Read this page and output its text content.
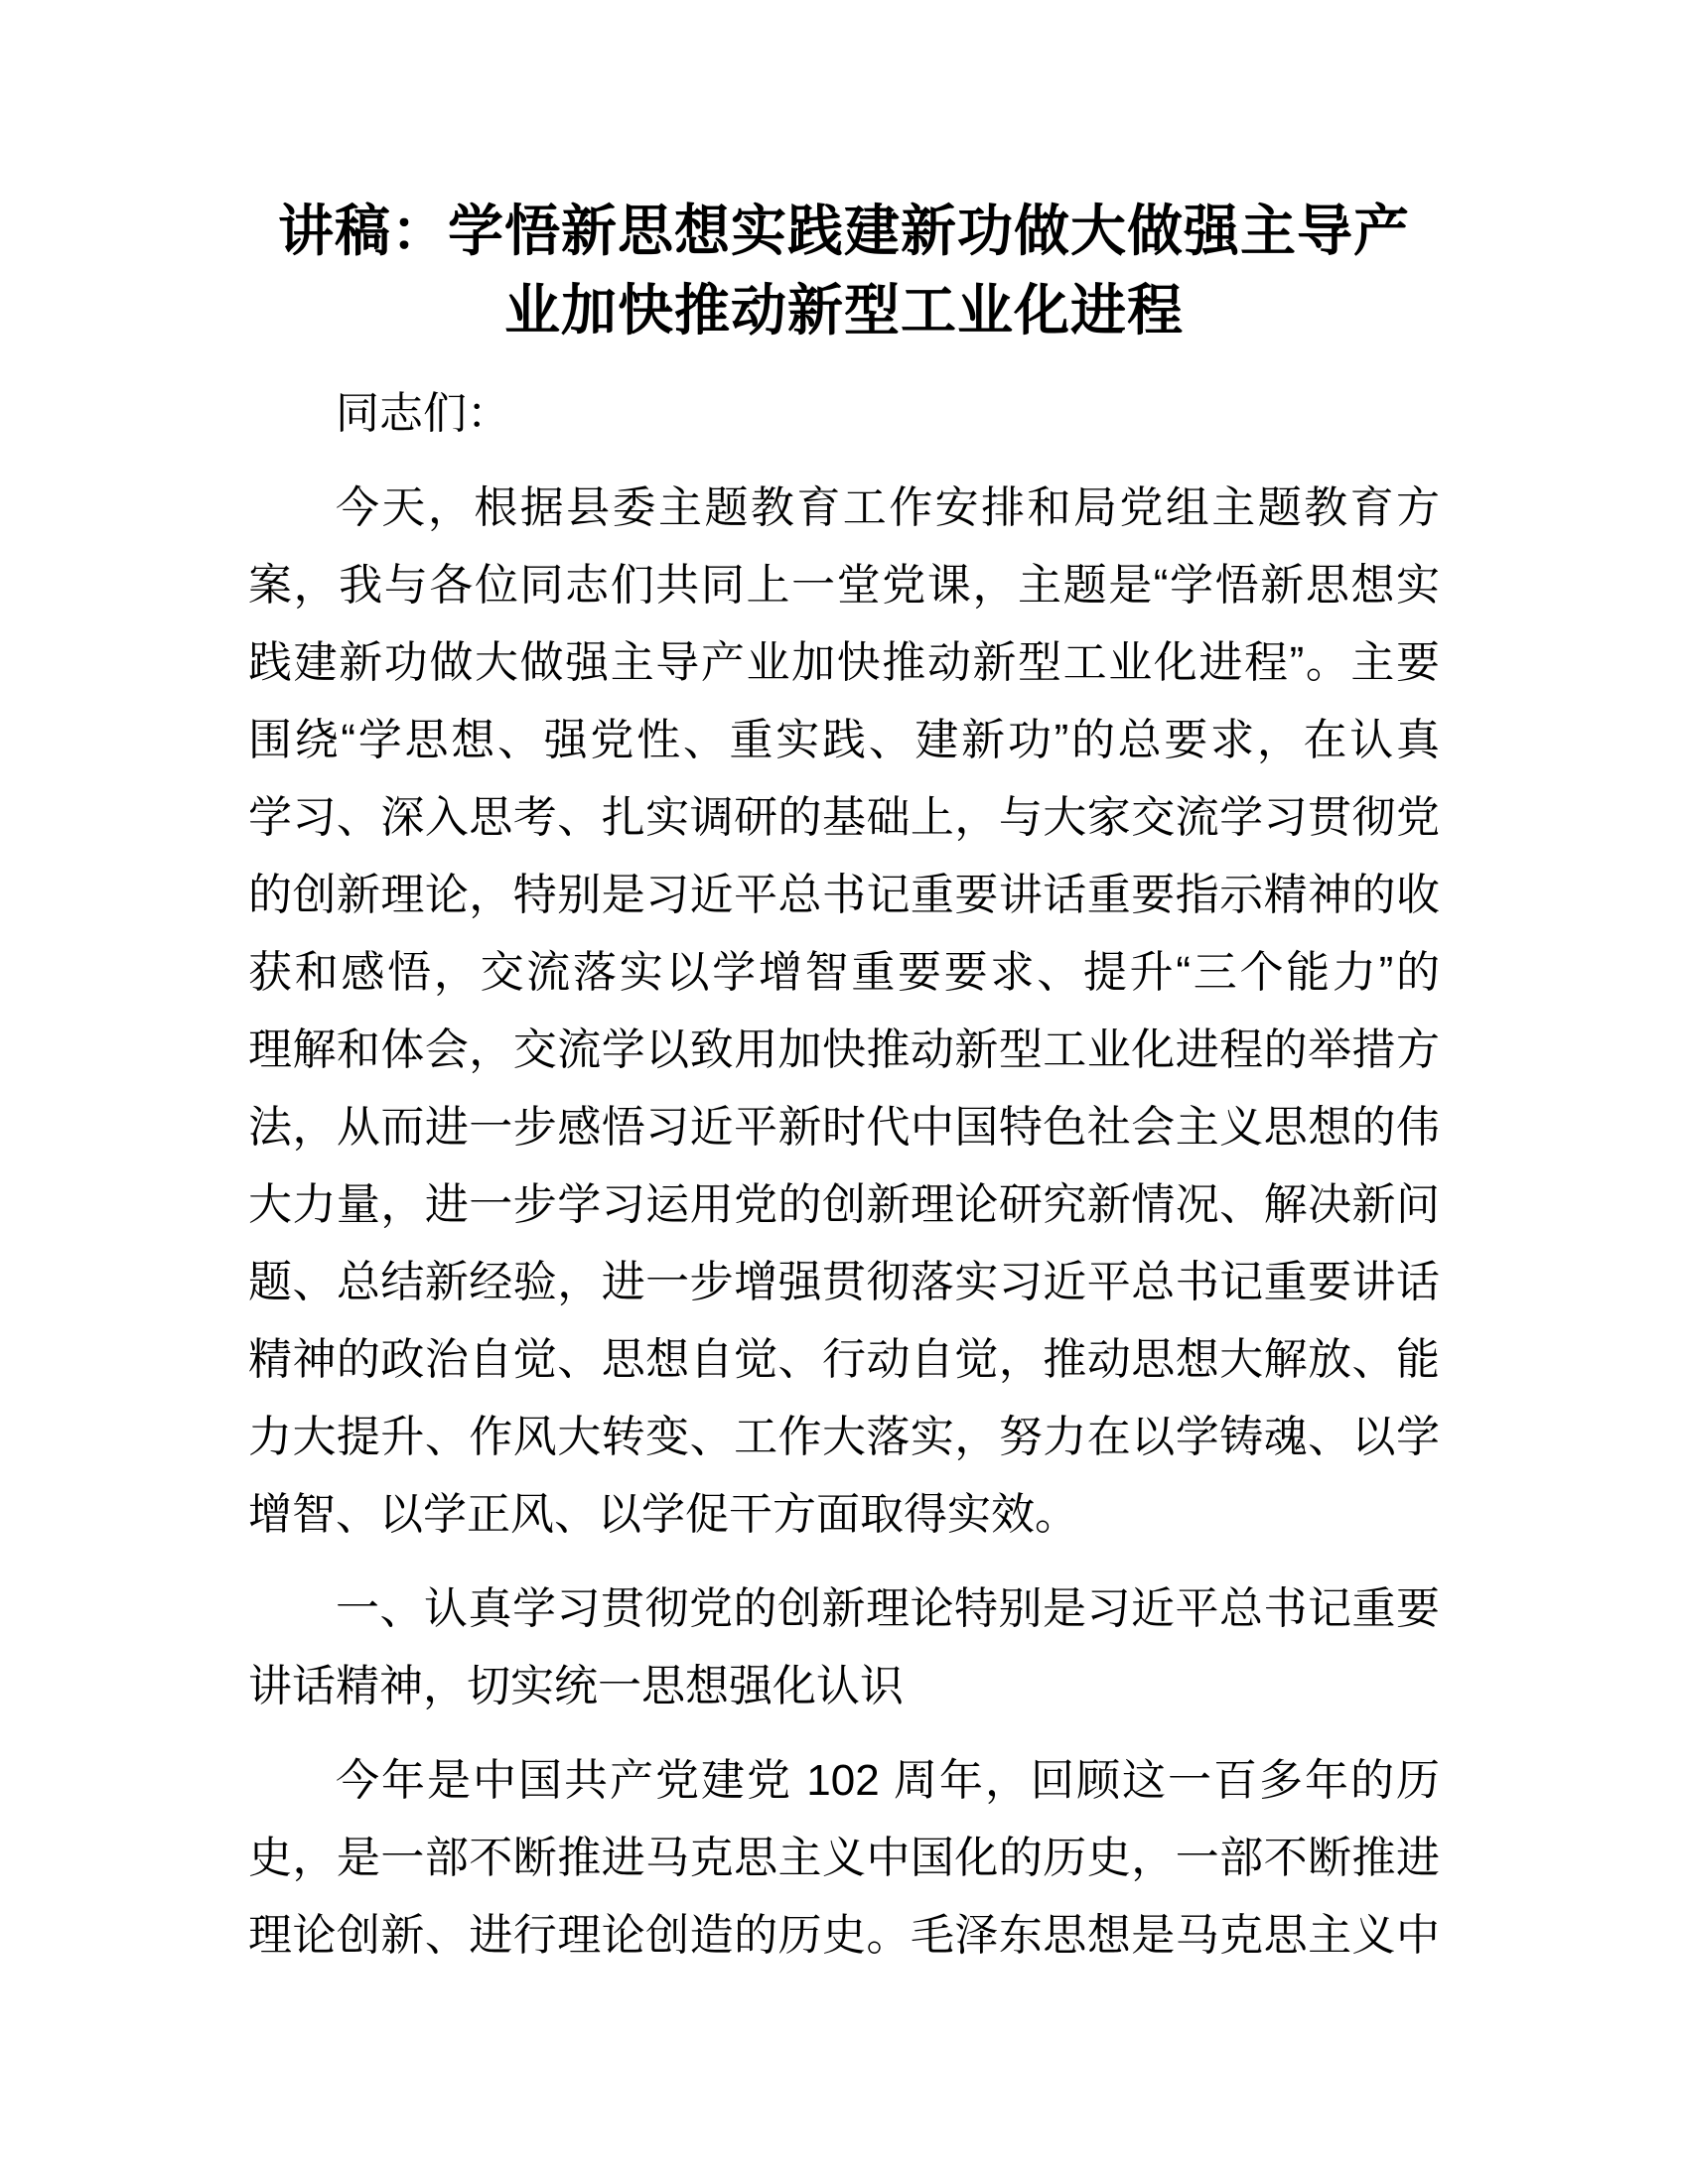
讲稿：学悟新思想实践建新功做大做强主导产
业加快推动新型工业化进程
同志们：
今天，根据县委主题教育工作安排和局党组主题教育方
案，我与各位同志们共同上一堂党课，主题是“学悟新思想实
践建新功做大做强主导产业加快推动新型工业化进程”。主要
围绕“学思想、强党性、重实践、建新功”的总要求，在认真
学习、深入思考、扎实调研的基础上，与大家交流学习贯彻党
的创新理论，特别是习近平总书记重要讲话重要指示精神的收
获和感悟，交流落实以学增智重要要求、提升“三个能力”的
理解和体会，交流学以致用加快推动新型工业化进程的举措方
法，从而进一步感悟习近平新时代中国特色社会主义思想的伟
大力量，进一步学习运用党的创新理论研究新情况、解决新问
题、总结新经验，进一步增强贯彻落实习近平总书记重要讲话
精神的政治自觉、思想自觉、行动自觉，推动思想大解放、能
力大提升、作风大转变、工作大落实，努力在以学铸魂、以学
增智、以学正风、以学促干方面取得实效。
一、认真学习贯彻党的创新理论特别是习近平总书记重要
讲话精神，切实统一思想强化认识
今年是中国共产党建党 102 周年，回顾这一百多年的历
史，是一部不断推进马克思主义中国化的历史，一部不断推进
理论创新、进行理论创造的历史。毛泽东思想是马克思主义中
